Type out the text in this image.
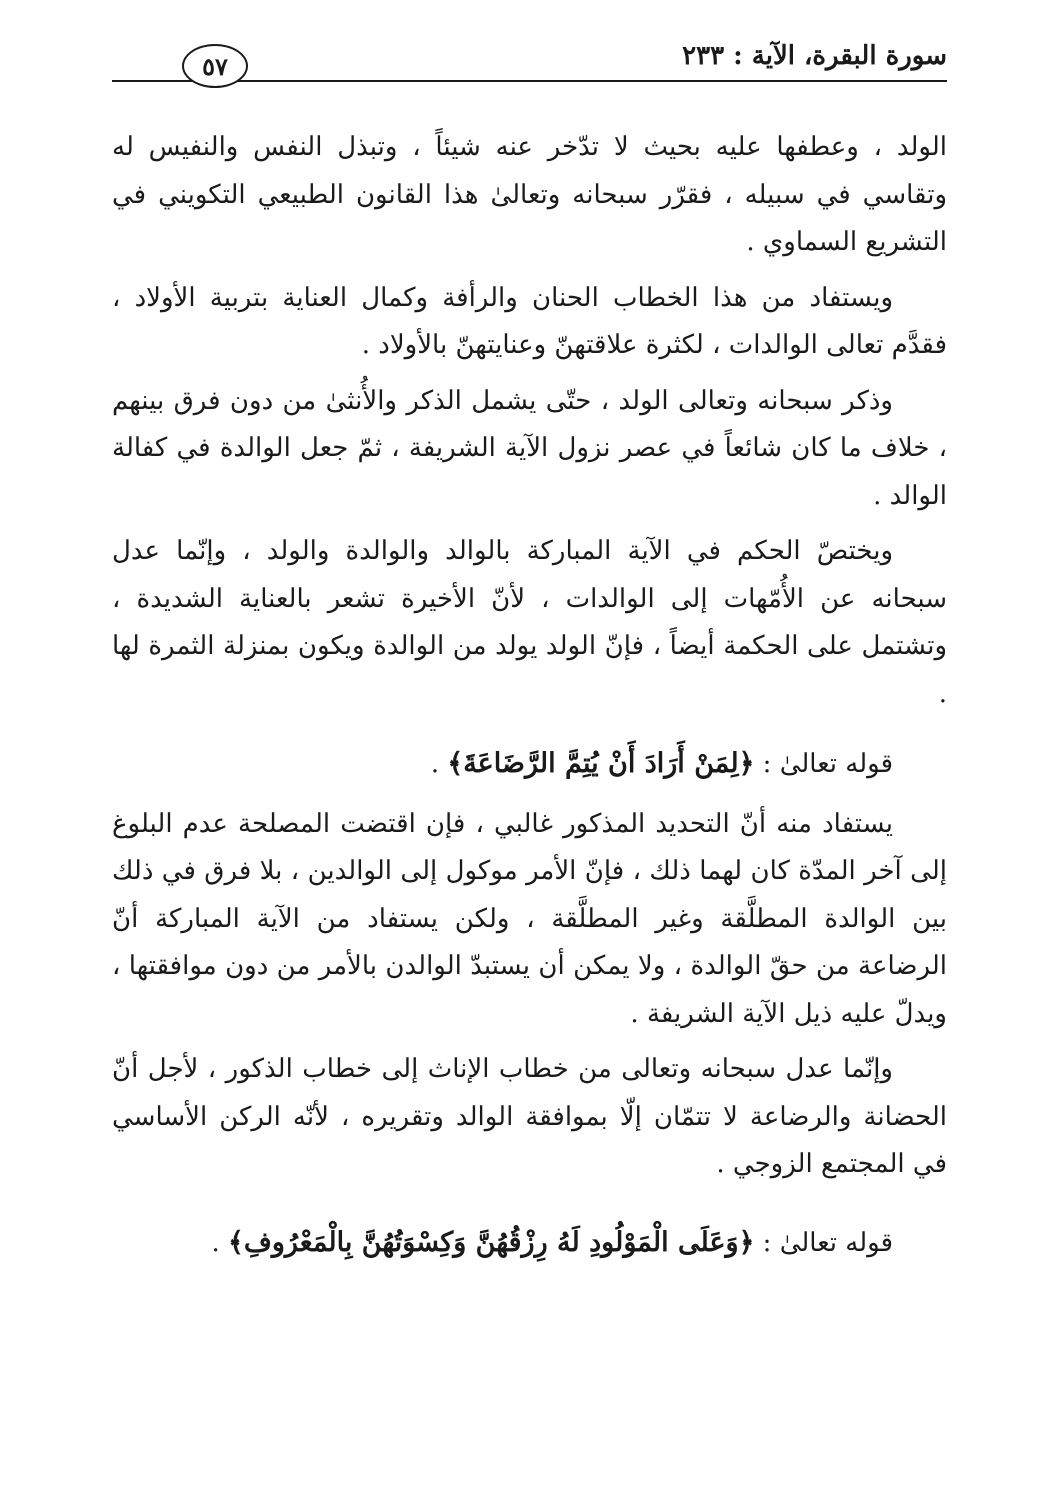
سورة البقرة، الآية : ٢٣٣
٥٧

الولد ، وعطفها عليه بحيث لا تدّخر عنه شيئاً ، وتبذل النفس والنفيس له وتقاسي في سبيله ، فقرّر سبحانه وتعالىٰ هذا القانون الطبيعي التكويني في التشريع السماوي .

ويستفاد من هذا الخطاب الحنان والرأفة وكمال العناية بتربية الأولاد ، فقدَّم تعالى الوالدات ، لكثرة علاقتهنّ وعنايتهنّ بالأولاد .

وذكر سبحانه وتعالى الولد ، حتّى يشمل الذكر والأُنثىٰ من دون فرق بينهم ، خلاف ما كان شائعاً في عصر نزول الآية الشريفة ، ثمّ جعل الوالدة في كفالة الوالد .

ويختصّ الحكم في الآية المباركة بالوالد والوالدة والولد ، وإنّما عدل سبحانه عن الأُمّهات إلى الوالدات ، لأنّ الأخيرة تشعر بالعناية الشديدة ، وتشتمل على الحكمة أيضاً ، فإنّ الولد يولد من الوالدة ويكون بمنزلة الثمرة لها .

قوله تعالىٰ : ﴿لِمَنْ أَرَادَ أَنْ يُتِمَّ الرَّضَاعَةَ﴾ .

يستفاد منه أنّ التحديد المذكور غالبي ، فإن اقتضت المصلحة عدم البلوغ إلى آخر المدّة كان لهما ذلك ، فإنّ الأمر موكول إلى الوالدين ، بلا فرق في ذلك بين الوالدة المطلَّقة وغير المطلَّقة ، ولكن يستفاد من الآية المباركة أنّ الرضاعة من حقّ الوالدة ، ولا يمكن أن يستبدّ الوالدن بالأمر من دون موافقتها ، ويدلّ عليه ذيل الآية الشريفة .

وإنّما عدل سبحانه وتعالى من خطاب الإناث إلى خطاب الذكور ، لأجل أنّ الحضانة والرضاعة لا تتمّان إلّا بموافقة الوالد وتقريره ، لأنّه الركن الأساسي في المجتمع الزوجي .

قوله تعالىٰ : ﴿وَعَلَى الْمَوْلُودِ لَهُ رِزْقُهُنَّ وَكِسْوَتُهُنَّ بِالْمَعْرُوفِ﴾ .
